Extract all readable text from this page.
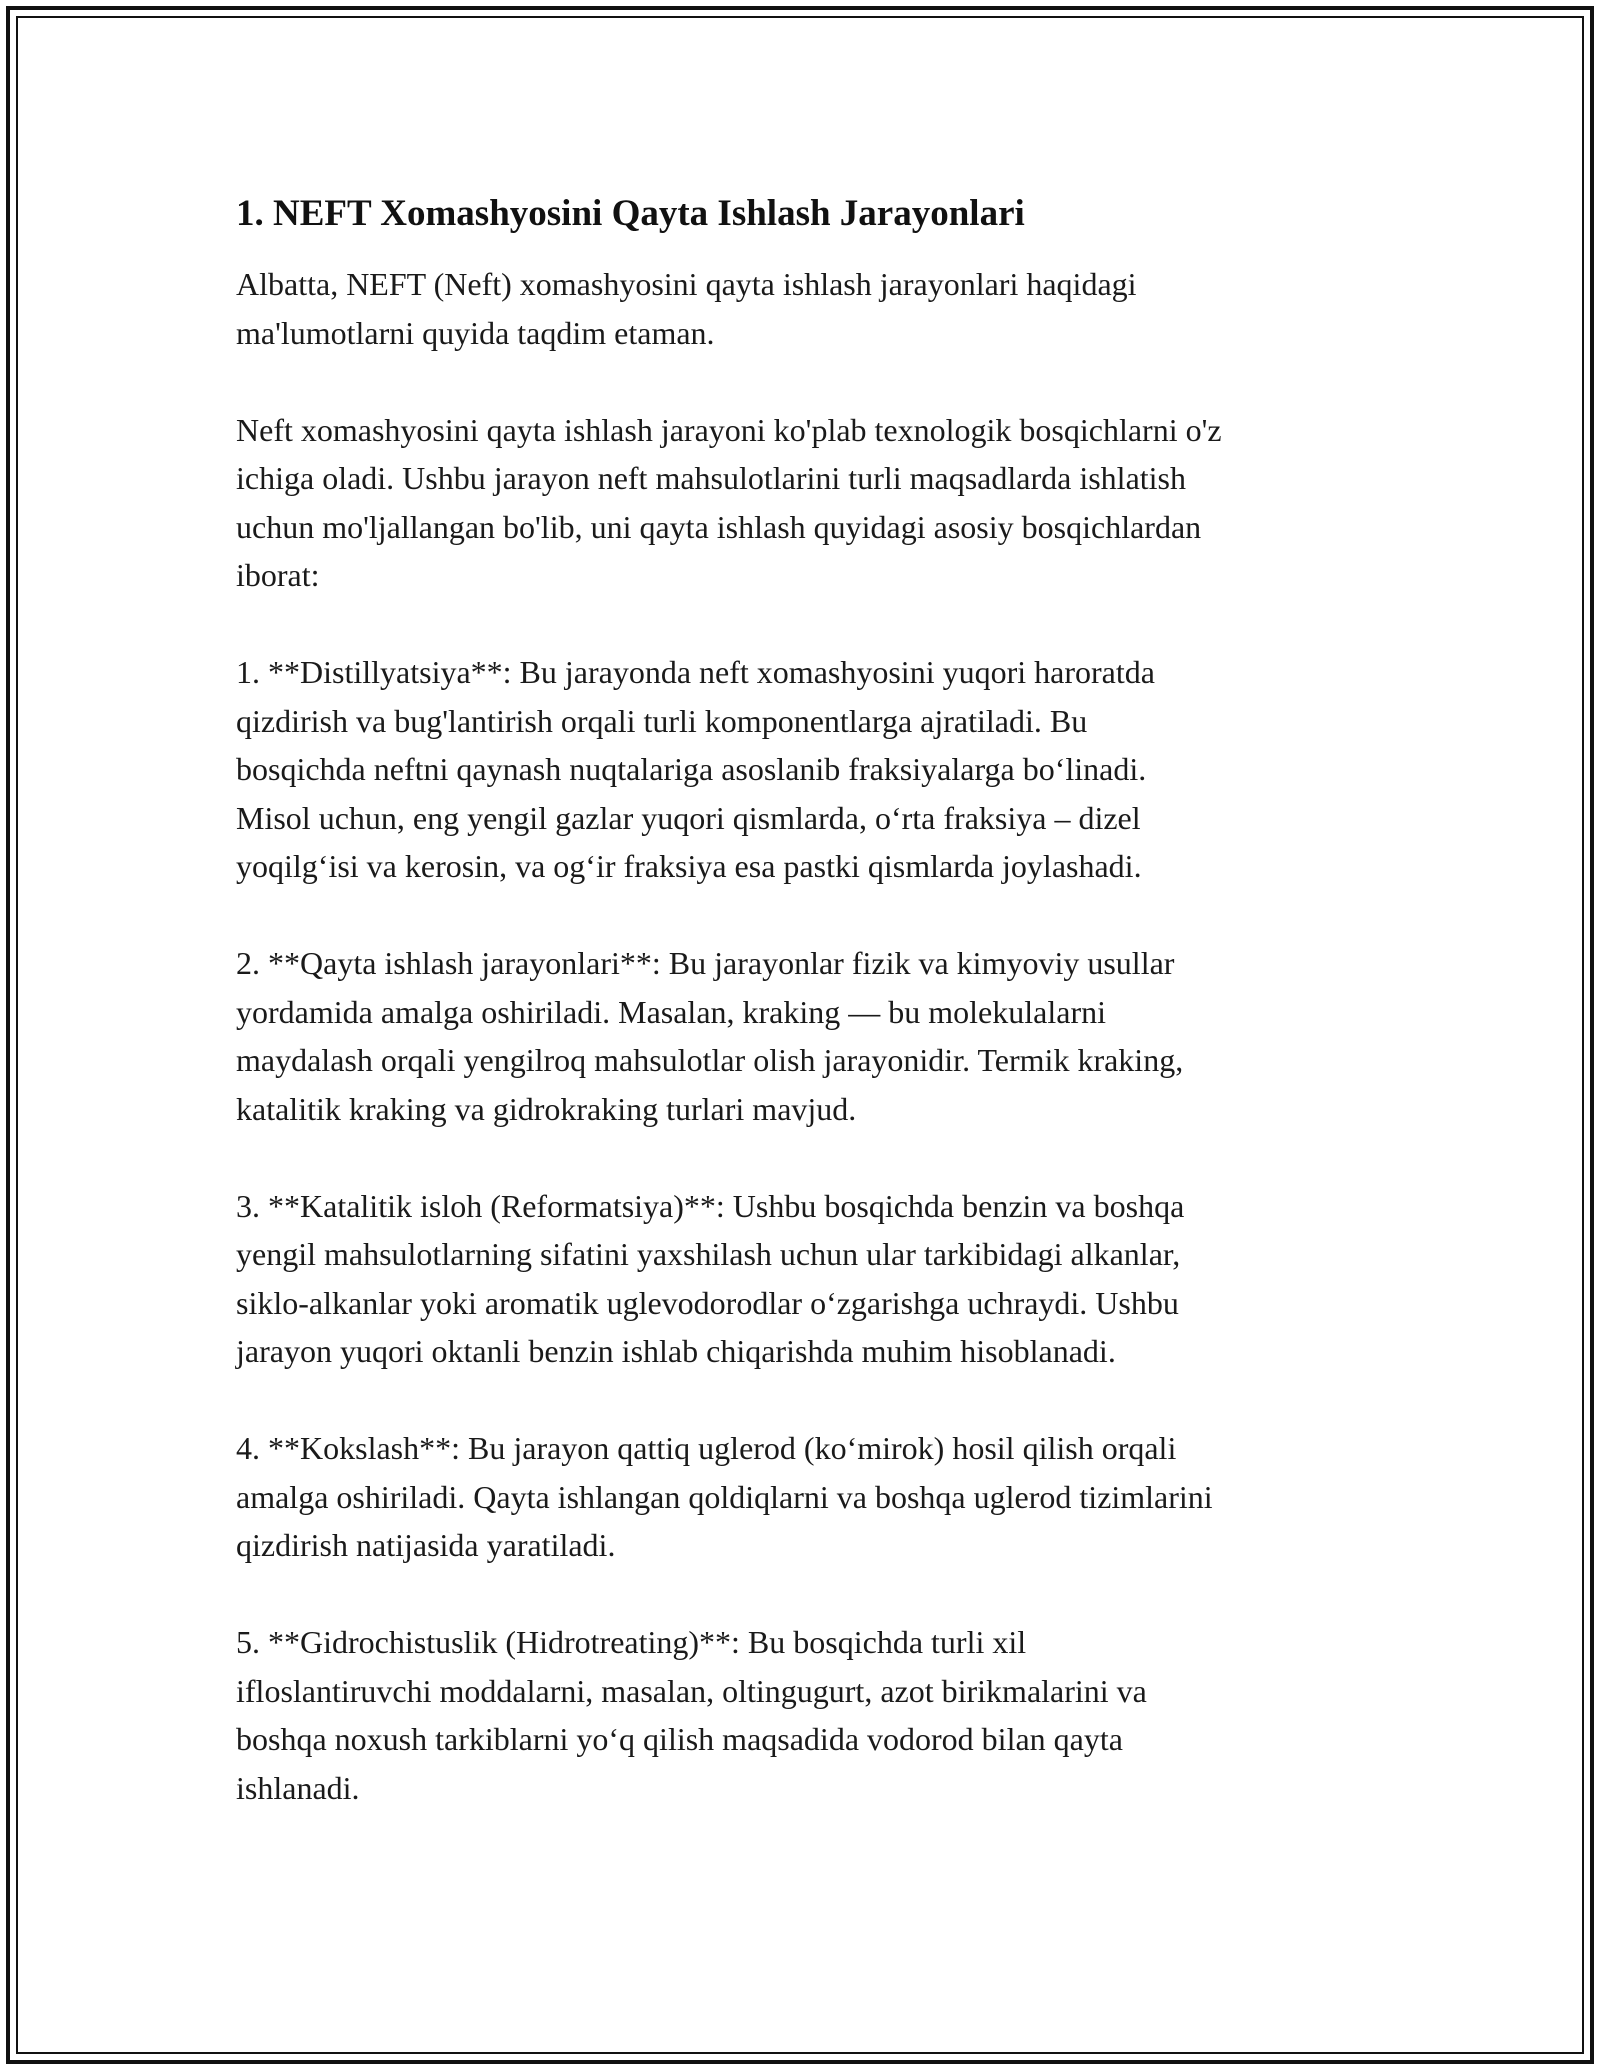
1. NEFT Xomashyosini Qayta Ishlash Jarayonlari

Albatta, NEFT (Neft) xomashyosini qayta ishlash jarayonlari haqidagi
ma'lumotlarni quyida taqdim etaman.

Neft xomashyosini qayta ishlash jarayoni ko'plab texnologik bosqichlarni o'z
ichiga oladi. Ushbu jarayon neft mahsulotlarini turli maqsadlarda ishlatish
uchun mo'ljallangan bo'lib, uni qayta ishlash quyidagi asosiy bosqichlardan
iborat:

1. **Distillyatsiya**: Bu jarayonda neft xomashyosini yuqori haroratda
qizdirish va bug'lantirish orqali turli komponentlarga ajratiladi. Bu
bosqichda neftni qaynash nuqtalariga asoslanib fraksiyalarga bo‘linadi.
Misol uchun, eng yengil gazlar yuqori qismlarda, o‘rta fraksiya – dizel
yoqilg‘isi va kerosin, va og‘ir fraksiya esa pastki qismlarda joylashadi.

2. **Qayta ishlash jarayonlari**: Bu jarayonlar fizik va kimyoviy usullar
yordamida amalga oshiriladi. Masalan, kraking — bu molekulalarni
maydalash orqali yengilroq mahsulotlar olish jarayonidir. Termik kraking,
katalitik kraking va gidrokraking turlari mavjud.

3. **Katalitik isloh (Reformatsiya)**: Ushbu bosqichda benzin va boshqa
yengil mahsulotlarning sifatini yaxshilash uchun ular tarkibidagi alkanlar,
siklo-alkanlar yoki aromatik uglevodorodlar o‘zgarishga uchraydi. Ushbu
jarayon yuqori oktanli benzin ishlab chiqarishda muhim hisoblanadi.

4. **Kokslash**: Bu jarayon qattiq uglerod (ko‘mirok) hosil qilish orqali
amalga oshiriladi. Qayta ishlangan qoldiqlarni va boshqa uglerod tizimlarini
qizdirish natijasida yaratiladi.

5. **Gidrochistuslik (Hidrotreating)**: Bu bosqichda turli xil
ifloslantiruvchi moddalarni, masalan, oltingugurt, azot birikmalarini va
boshqa noxush tarkiblarni yo‘q qilish maqsadida vodorod bilan qayta
ishlanadi.
